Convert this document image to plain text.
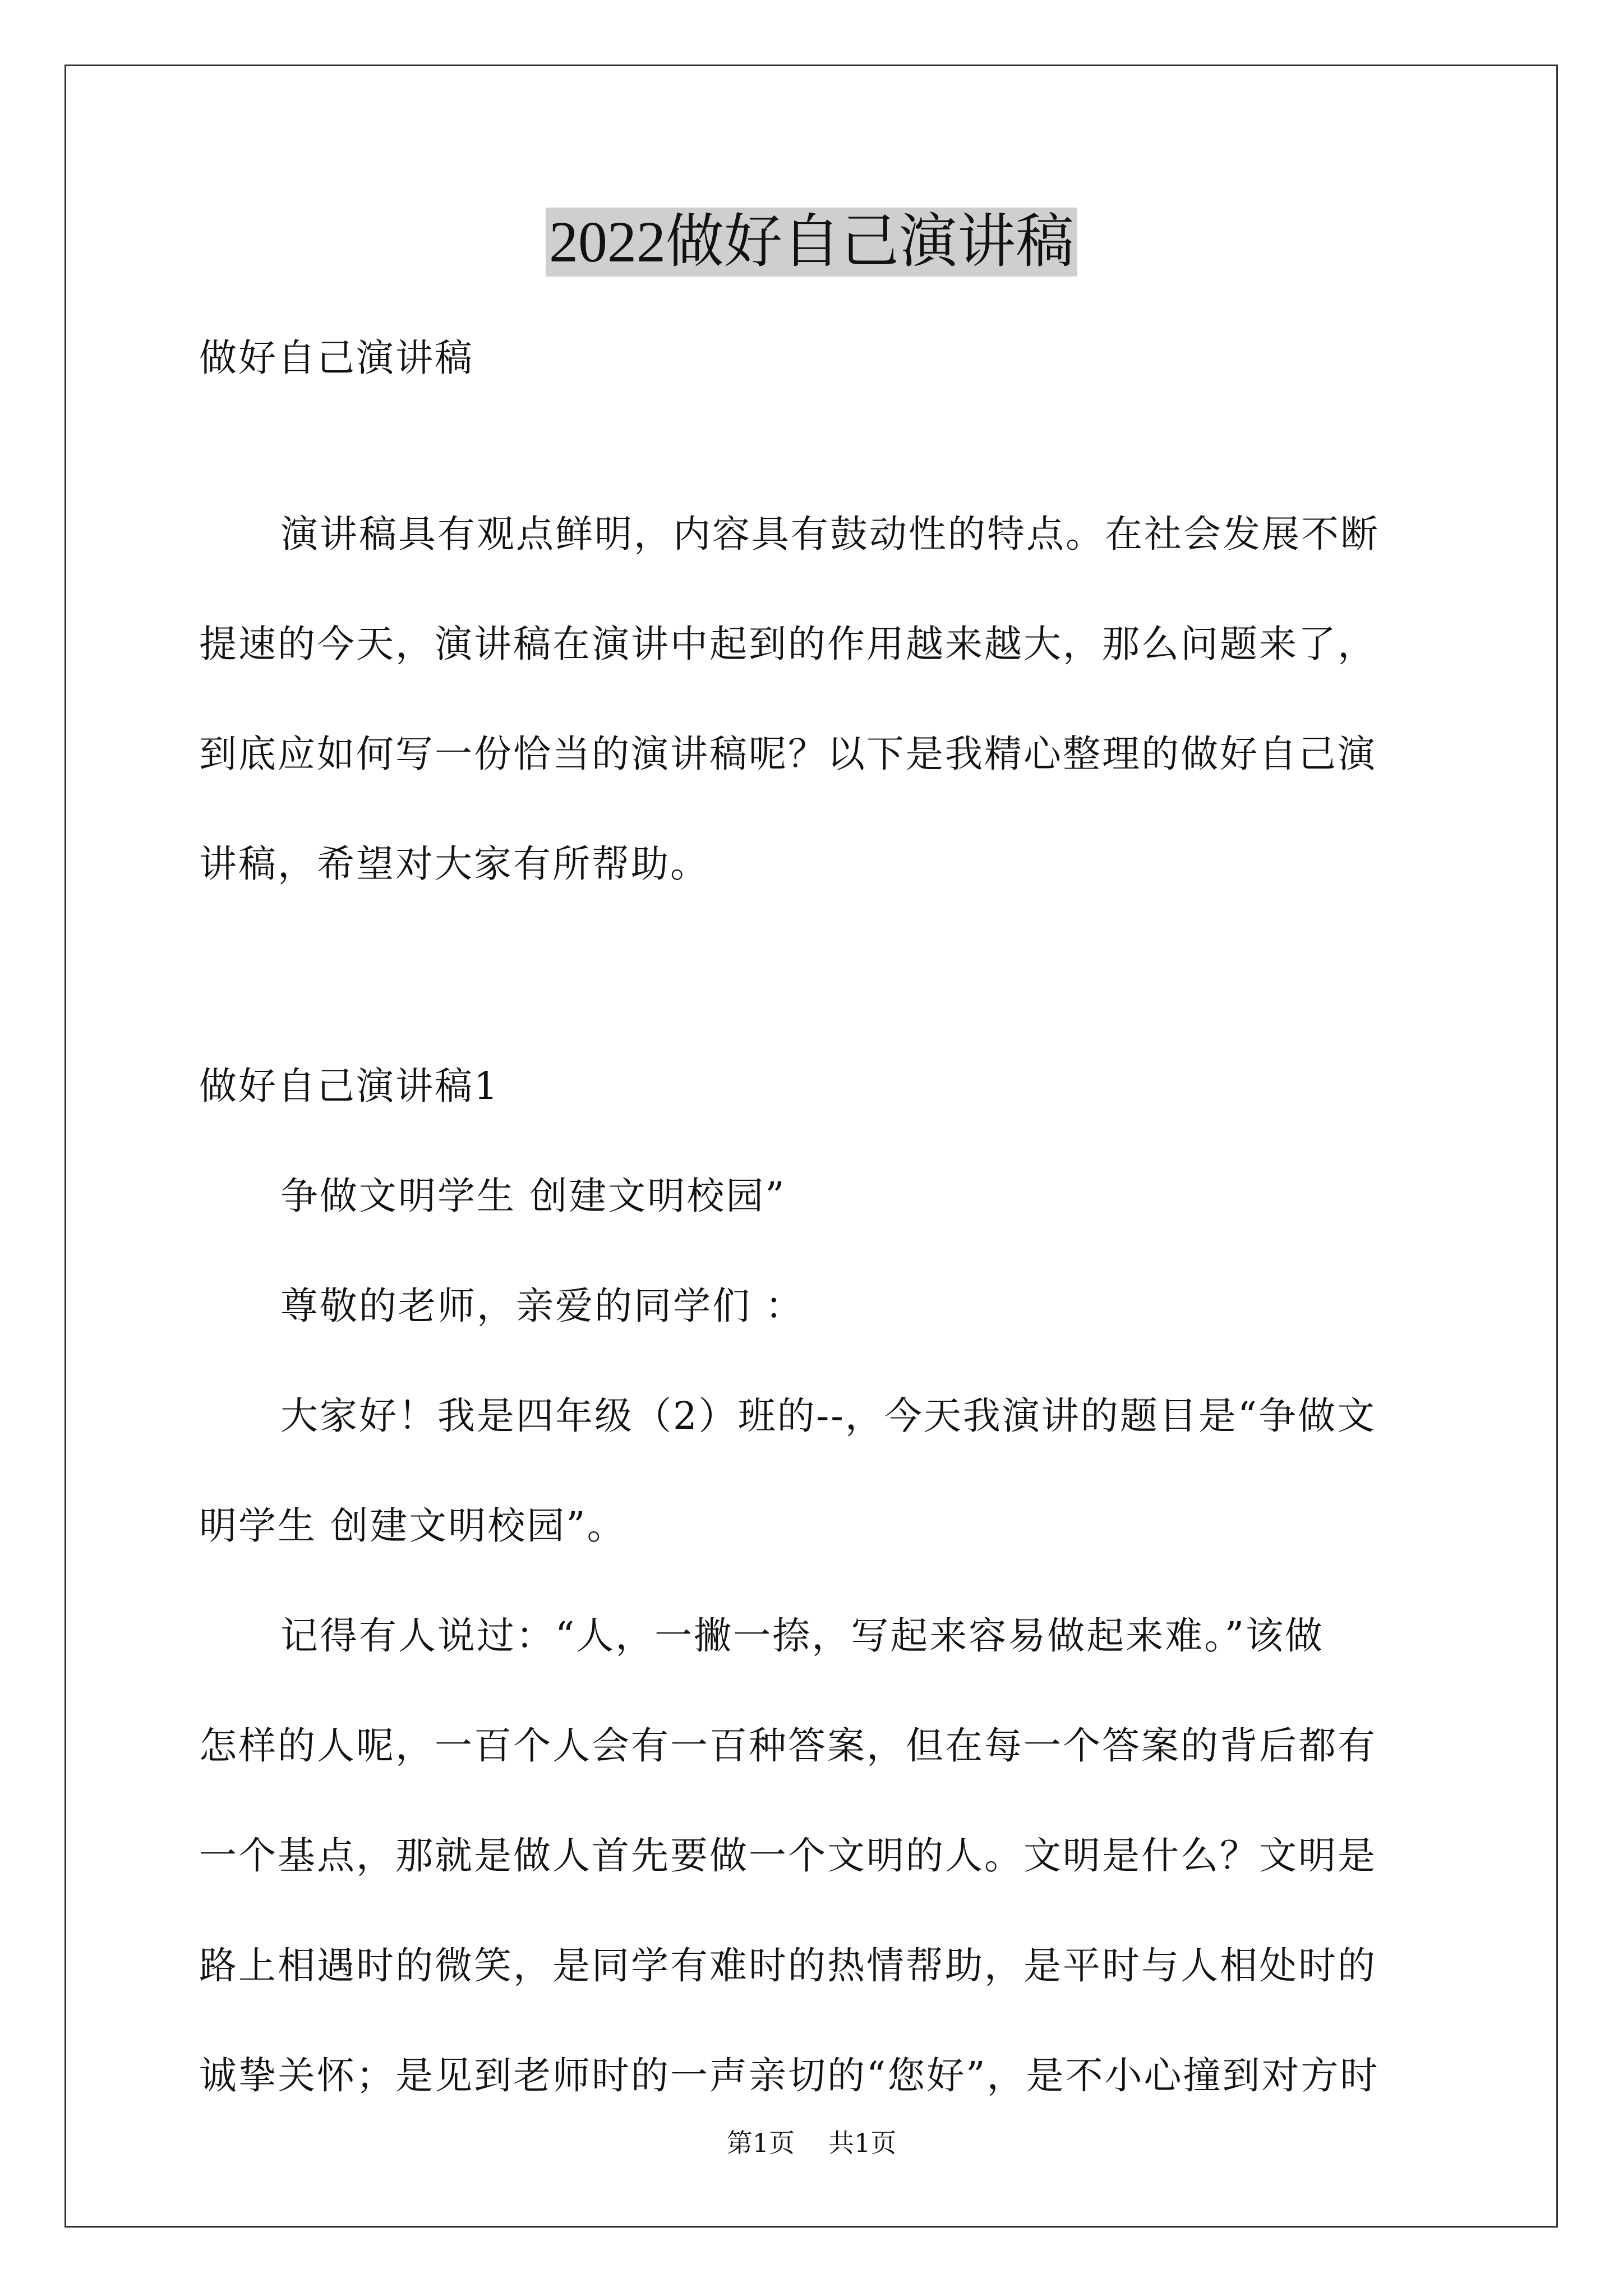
2022做好自己演讲稿
做好自己演讲稿
演讲稿具有观点鲜明，内容具有鼓动性的特点。在社会发展不断
提速的今天，演讲稿在演讲中起到的作用越来越大，那么问题来了，
到底应如何写一份恰当的演讲稿呢？以下是我精心整理的做好自己演
讲稿，希望对大家有所帮助。
做好自己演讲稿1
争做文明学生 创建文明校园”
尊敬的老师，亲爱的同学们 ：
大家好！我是四年级（2）班的--，今天我演讲的题目是“争做文
明学生 创建文明校园”。
记得有人说过：“人，一撇一捺，写起来容易做起来难。”该做
怎样的人呢，一百个人会有一百种答案，但在每一个答案的背后都有
一个基点，那就是做人首先要做一个文明的人。文明是什么？文明是
路上相遇时的微笑，是同学有难时的热情帮助，是平时与人相处时的
诚挚关怀；是见到老师时的一声亲切的“您好”，是不小心撞到对方时
第1页 共1页
